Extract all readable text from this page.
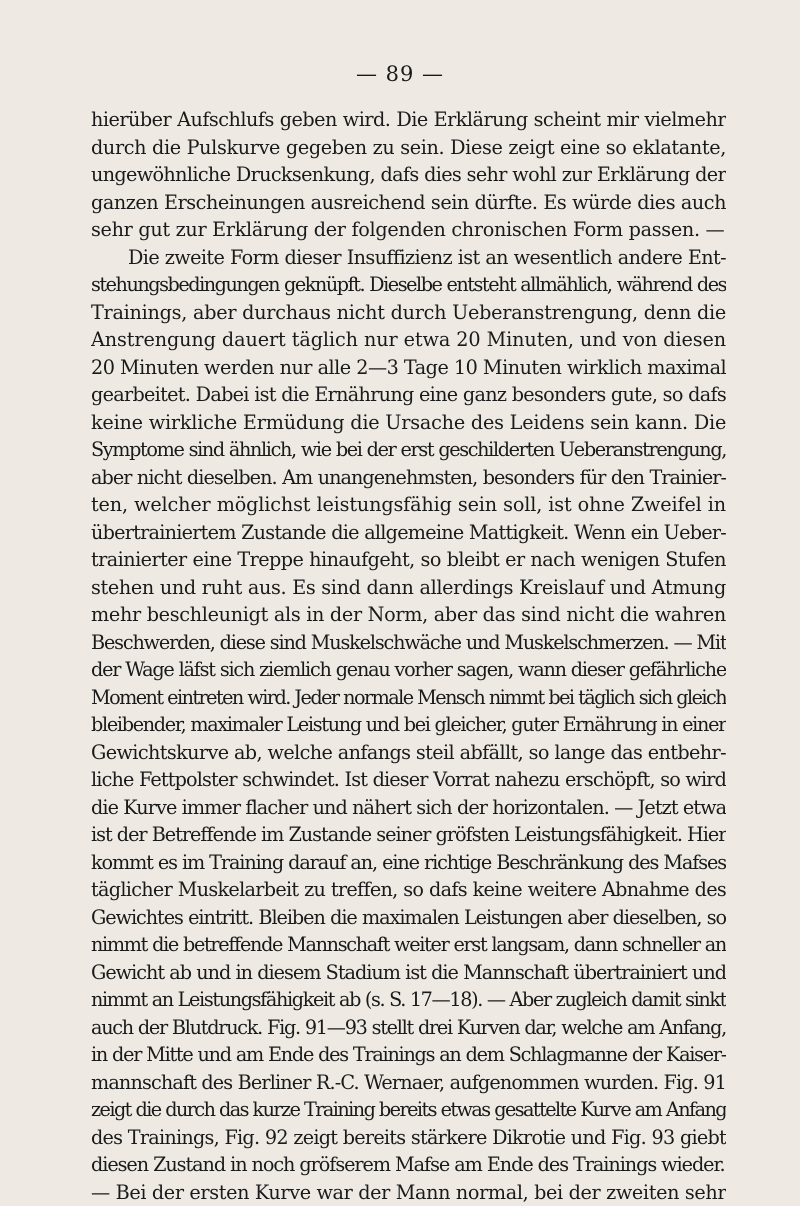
— 89 —
hierüber Aufschlufs geben wird. Die Erklärung scheint mir vielmehr
durch die Pulskurve gegeben zu sein. Diese zeigt eine so eklatante,
ungewöhnliche Drucksenkung, dafs dies sehr wohl zur Erklärung der
ganzen Erscheinungen ausreichend sein dürfte. Es würde dies auch
sehr gut zur Erklärung der folgenden chronischen Form passen. —
Die zweite Form dieser Insuffizienz ist an wesentlich andere Ent-
stehungsbedingungen geknüpft. Dieselbe entsteht allmählich, während des
Trainings, aber durchaus nicht durch Ueberanstrengung, denn die
Anstrengung dauert täglich nur etwa 20 Minuten, und von diesen
20 Minuten werden nur alle 2—3 Tage 10 Minuten wirklich maximal
gearbeitet. Dabei ist die Ernährung eine ganz besonders gute, so dafs
keine wirkliche Ermüdung die Ursache des Leidens sein kann. Die
Symptome sind ähnlich, wie bei der erst geschilderten Ueberanstrengung,
aber nicht dieselben. Am unangenehmsten, besonders für den Trainier-
ten, welcher möglichst leistungsfähig sein soll, ist ohne Zweifel in
übertrainiertem Zustande die allgemeine Mattigkeit. Wenn ein Ueber-
trainierter eine Treppe hinaufgeht, so bleibt er nach wenigen Stufen
stehen und ruht aus. Es sind dann allerdings Kreislauf und Atmung
mehr beschleunigt als in der Norm, aber das sind nicht die wahren
Beschwerden, diese sind Muskelschwäche und Muskelschmerzen. — Mit
der Wage läfst sich ziemlich genau vorher sagen, wann dieser gefährliche
Moment eintreten wird. Jeder normale Mensch nimmt bei täglich sich gleich
bleibender, maximaler Leistung und bei gleicher, guter Ernährung in einer
Gewichtskurve ab, welche anfangs steil abfällt, so lange das entbehr-
liche Fettpolster schwindet. Ist dieser Vorrat nahezu erschöpft, so wird
die Kurve immer flacher und nähert sich der horizontalen. — Jetzt etwa
ist der Betreffende im Zustande seiner gröfsten Leistungsfähigkeit. Hier
kommt es im Training darauf an, eine richtige Beschränkung des Mafses
täglicher Muskelarbeit zu treffen, so dafs keine weitere Abnahme des
Gewichtes eintritt. Bleiben die maximalen Leistungen aber dieselben, so
nimmt die betreffende Mannschaft weiter erst langsam, dann schneller an
Gewicht ab und in diesem Stadium ist die Mannschaft übertrainiert und
nimmt an Leistungsfähigkeit ab (s. S. 17—18). — Aber zugleich damit sinkt
auch der Blutdruck. Fig. 91—93 stellt drei Kurven dar, welche am Anfang,
in der Mitte und am Ende des Trainings an dem Schlagmanne der Kaiser-
mannschaft des Berliner R.-C. Wernaer, aufgenommen wurden. Fig. 91
zeigt die durch das kurze Training bereits etwas gesattelte Kurve am Anfang
des Trainings, Fig. 92 zeigt bereits stärkere Dikrotie und Fig. 93 giebt
diesen Zustand in noch gröfserem Mafse am Ende des Trainings wieder.
— Bei der ersten Kurve war der Mann normal, bei der zweiten sehr
